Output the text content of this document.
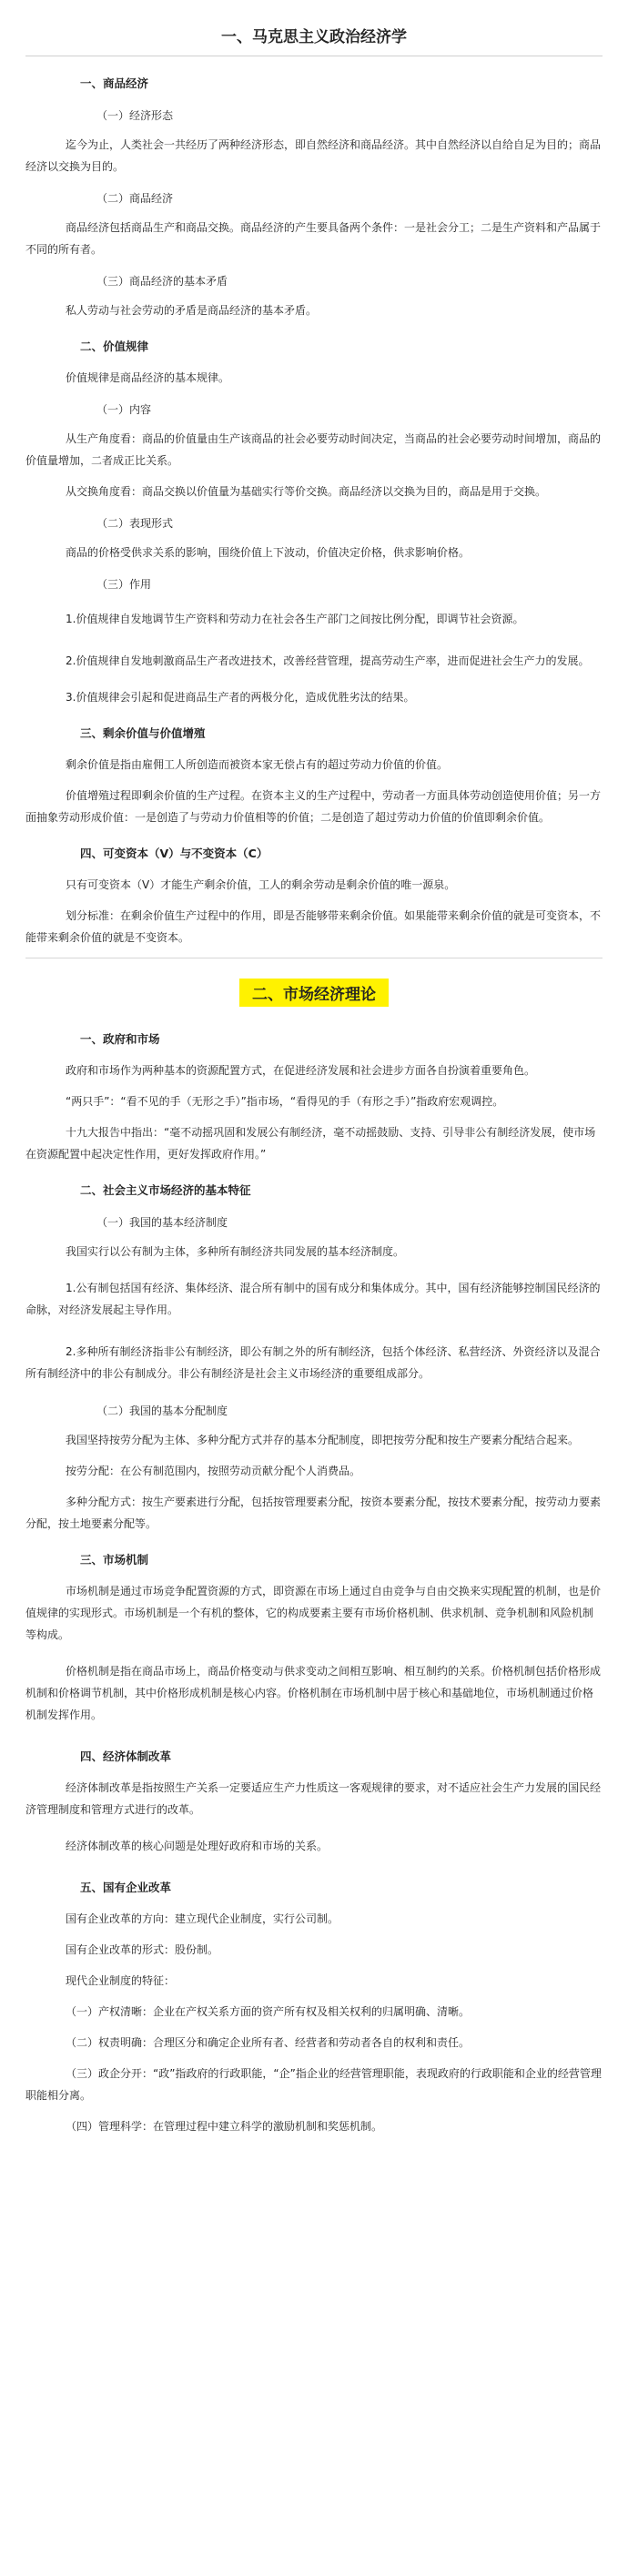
一、马克思主义政治经济学
一、商品经济
（一）经济形态
迄今为止，人类社会一共经历了两种经济形态，即自然经济和商品经济。其中自然经济以自给自足为目的；商品经济以交换为目的。
（二）商品经济
商品经济包括商品生产和商品交换。商品经济的产生要具备两个条件：一是社会分工；二是生产资料和产品属于不同的所有者。
（三）商品经济的基本矛盾
私人劳动与社会劳动的矛盾是商品经济的基本矛盾。
二、价值规律
价值规律是商品经济的基本规律。
（一）内容
从生产角度看：商品的价值量由生产该商品的社会必要劳动时间决定，当商品的社会必要劳动时间增加，商品的价值量增加，二者成正比关系。
从交换角度看：商品交换以价值量为基础实行等价交换。商品经济以交换为目的，商品是用于交换。
（二）表现形式
商品的价格受供求关系的影响，围绕价值上下波动，价值决定价格，供求影响价格。
（三）作用
1.价值规律自发地调节生产资料和劳动力在社会各生产部门之间按比例分配，即调节社会资源。
2.价值规律自发地刺激商品生产者改进技术，改善经营管理，提高劳动生产率，进而促进社会生产力的发展。
3.价值规律会引起和促进商品生产者的两极分化，造成优胜劣汰的结果。
三、剩余价值与价值增殖
剩余价值是指由雇佣工人所创造而被资本家无偿占有的超过劳动力价值的价值。
价值增殖过程即剩余价值的生产过程。在资本主义的生产过程中，劳动者一方面具体劳动创造使用价值；另一方面抽象劳动形成价值：一是创造了与劳动力价值相等的价值；二是创造了超过劳动力价值的价值即剩余价值。
四、可变资本（V）与不变资本（C）
只有可变资本（V）才能生产剩余价值，工人的剩余劳动是剩余价值的唯一源泉。
划分标准：在剩余价值生产过程中的作用，即是否能够带来剩余价值。如果能带来剩余价值的就是可变资本，不能带来剩余价值的就是不变资本。
二、市场经济理论
一、政府和市场
政府和市场作为两种基本的资源配置方式，在促进经济发展和社会进步方面各自扮演着重要角色。
“两只手”：“看不见的手（无形之手）”指市场，“看得见的手（有形之手）”指政府宏观调控。
十九大报告中指出：“毫不动摇巩固和发展公有制经济，毫不动摇鼓励、支持、引导非公有制经济发展，使市场在资源配置中起决定性作用，更好发挥政府作用。”
二、社会主义市场经济的基本特征
（一）我国的基本经济制度
我国实行以公有制为主体，多种所有制经济共同发展的基本经济制度。
1.公有制包括国有经济、集体经济、混合所有制中的国有成分和集体成分。其中，国有经济能够控制国民经济的命脉，对经济发展起主导作用。
2.多种所有制经济指非公有制经济，即公有制之外的所有制经济，包括个体经济、私营经济、外资经济以及混合所有制经济中的非公有制成分。非公有制经济是社会主义市场经济的重要组成部分。
（二）我国的基本分配制度
我国坚持按劳分配为主体、多种分配方式并存的基本分配制度，即把按劳分配和按生产要素分配结合起来。
按劳分配：在公有制范围内，按照劳动贡献分配个人消费品。
多种分配方式：按生产要素进行分配，包括按管理要素分配，按资本要素分配，按技术要素分配，按劳动力要素分配，按土地要素分配等。
三、市场机制
市场机制是通过市场竞争配置资源的方式，即资源在市场上通过自由竞争与自由交换来实现配置的机制，也是价值规律的实现形式。市场机制是一个有机的整体，它的构成要素主要有市场价格机制、供求机制、竞争机制和风险机制等构成。
价格机制是指在商品市场上，商品价格变动与供求变动之间相互影响、相互制约的关系。价格机制包括价格形成机制和价格调节机制，其中价格形成机制是核心内容。价格机制在市场机制中居于核心和基础地位，市场机制通过价格机制发挥作用。
四、经济体制改革
经济体制改革是指按照生产关系一定要适应生产力性质这一客观规律的要求，对不适应社会生产力发展的国民经济管理制度和管理方式进行的改革。
经济体制改革的核心问题是处理好政府和市场的关系。
五、国有企业改革
国有企业改革的方向：建立现代企业制度，实行公司制。
国有企业改革的形式：股份制。
现代企业制度的特征：
（一）产权清晰：企业在产权关系方面的资产所有权及相关权利的归属明确、清晰。
（二）权责明确：合理区分和确定企业所有者、经营者和劳动者各自的权利和责任。
（三）政企分开：“政”指政府的行政职能，“企”指企业的经营管理职能，表现政府的行政职能和企业的经营管理职能相分离。
（四）管理科学：在管理过程中建立科学的激励机制和奖惩机制。
